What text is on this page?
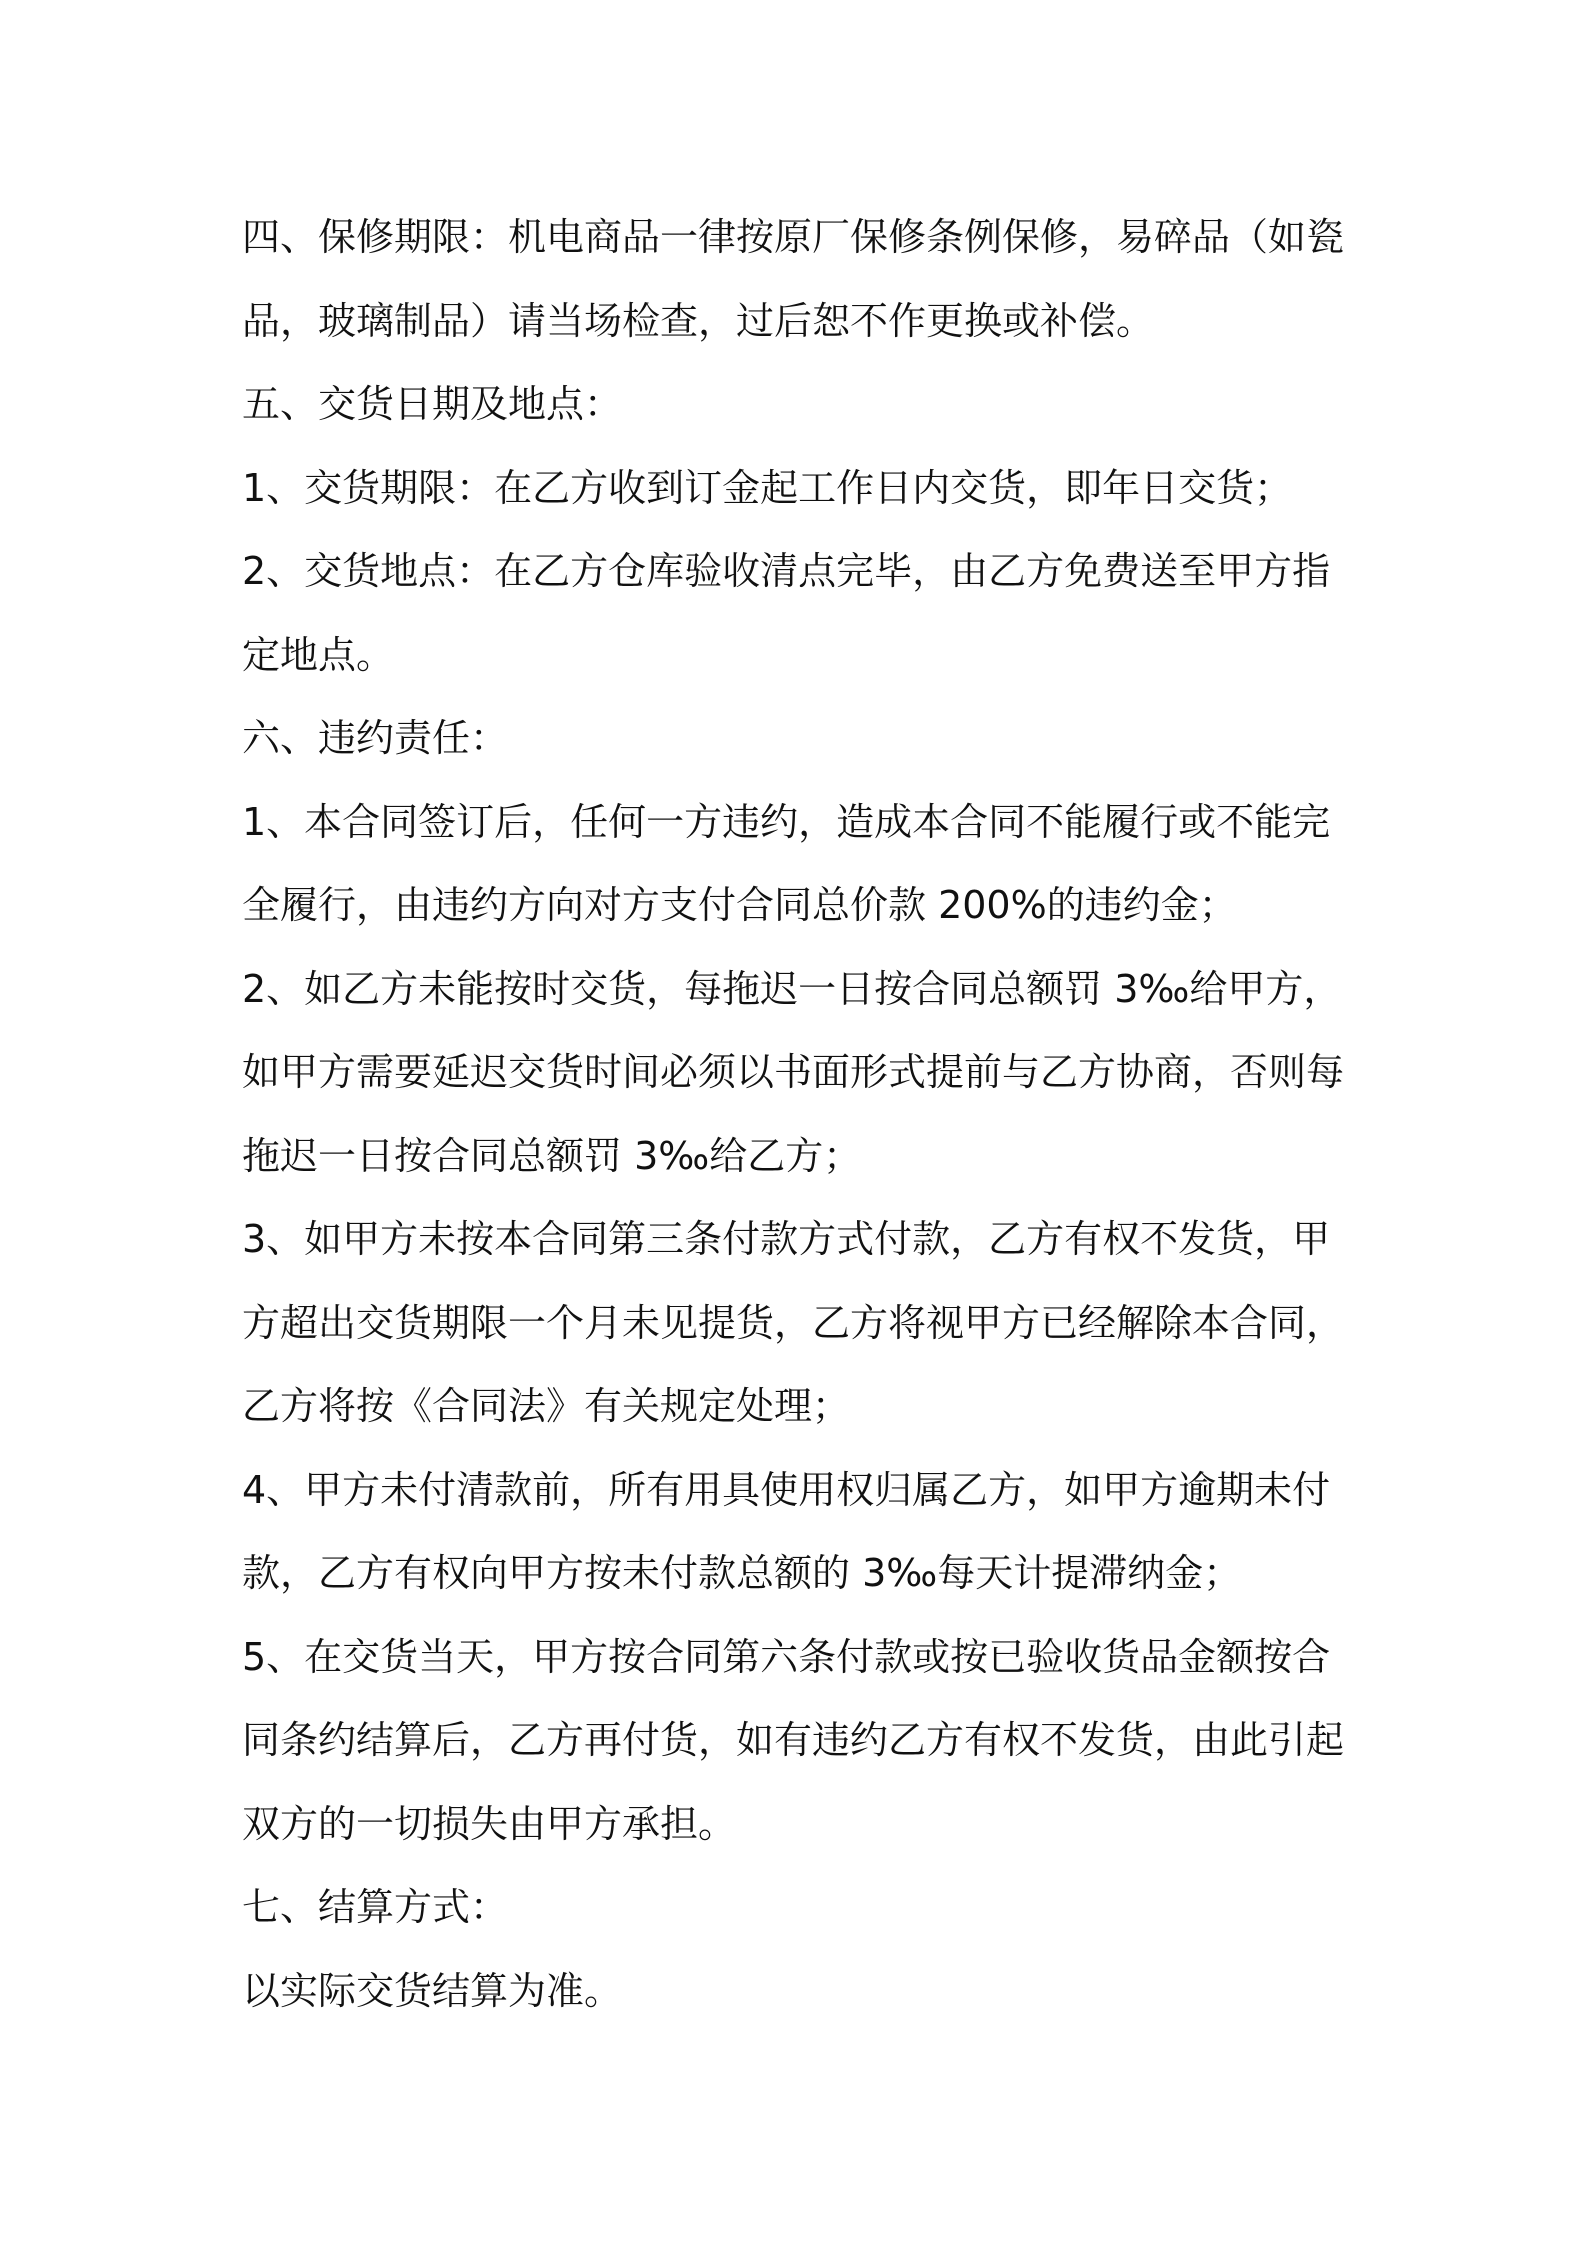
四、保修期限：机电商品一律按原厂保修条例保修，易碎品（如瓷品，玻璃制品）请当场检查，过后恕不作更换或补偿。

五、交货日期及地点：

1、交货期限：在乙方收到订金起工作日内交货，即年日交货；

2、交货地点：在乙方仓库验收清点完毕，由乙方免费送至甲方指定地点。

六、违约责任：

1、本合同签订后，任何一方违约，造成本合同不能履行或不能完全履行，由违约方向对方支付合同总价款 200%的违约金；

2、如乙方未能按时交货，每拖迟一日按合同总额罚 3‰给甲方，如甲方需要延迟交货时间必须以书面形式提前与乙方协商，否则每拖迟一日按合同总额罚 3‰给乙方；

3、如甲方未按本合同第三条付款方式付款，乙方有权不发货，甲方超出交货期限一个月未见提货，乙方将视甲方已经解除本合同，乙方将按《合同法》有关规定处理；

4、甲方未付清款前，所有用具使用权归属乙方，如甲方逾期未付款，乙方有权向甲方按未付款总额的 3‰每天计提滞纳金；

5、在交货当天，甲方按合同第六条付款或按已验收货品金额按合同条约结算后，乙方再付货，如有违约乙方有权不发货，由此引起双方的一切损失由甲方承担。

七、结算方式：

以实际交货结算为准。
